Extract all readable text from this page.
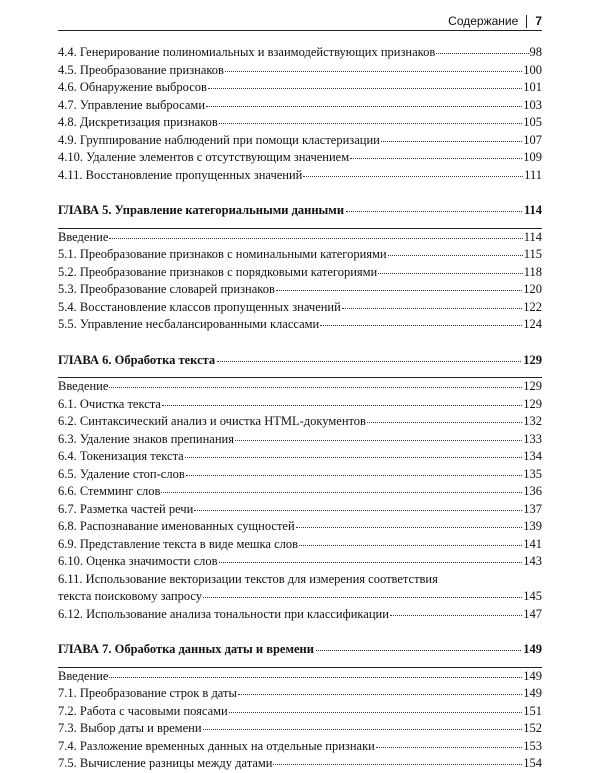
Содержание 7
4.4. Генерирование полиномиальных и взаимодействующих признаков	98
4.5. Преобразование признаков	100
4.6. Обнаружение выбросов	101
4.7. Управление выбросами	103
4.8. Дискретизация признаков	105
4.9. Группирование наблюдений при помощи кластеризации	107
4.10. Удаление элементов с отсутствующим значением	109
4.11. Восстановление пропущенных значений	111
ГЛАВА 5. Управление категориальными данными	114
Введение	114
5.1. Преобразование признаков с номинальными категориями	115
5.2. Преобразование признаков с порядковыми категориями	118
5.3. Преобразование словарей признаков	120
5.4. Восстановление классов пропущенных значений	122
5.5. Управление несбалансированными классами	124
ГЛАВА 6. Обработка текста	129
Введение	129
6.1. Очистка текста	129
6.2. Синтаксический анализ и очистка HTML-документов	132
6.3. Удаление знаков препинания	133
6.4. Токенизация текста	134
6.5. Удаление стоп-слов	135
6.6. Стемминг слов	136
6.7. Разметка частей речи	137
6.8. Распознавание именованных сущностей	139
6.9. Представление текста в виде мешка слов	141
6.10. Оценка значимости слов	143
6.11. Использование векторизации текстов для измерения соответствия
текста поисковому запросу	145
6.12. Использование анализа тональности при классификации	147
ГЛАВА 7. Обработка данных даты и времени	149
Введение	149
7.1. Преобразование строк в даты	149
7.2. Работа с часовыми поясами	151
7.3. Выбор даты и времени	152
7.4. Разложение временных данных на отдельные признаки	153
7.5. Вычисление разницы между датами	154
